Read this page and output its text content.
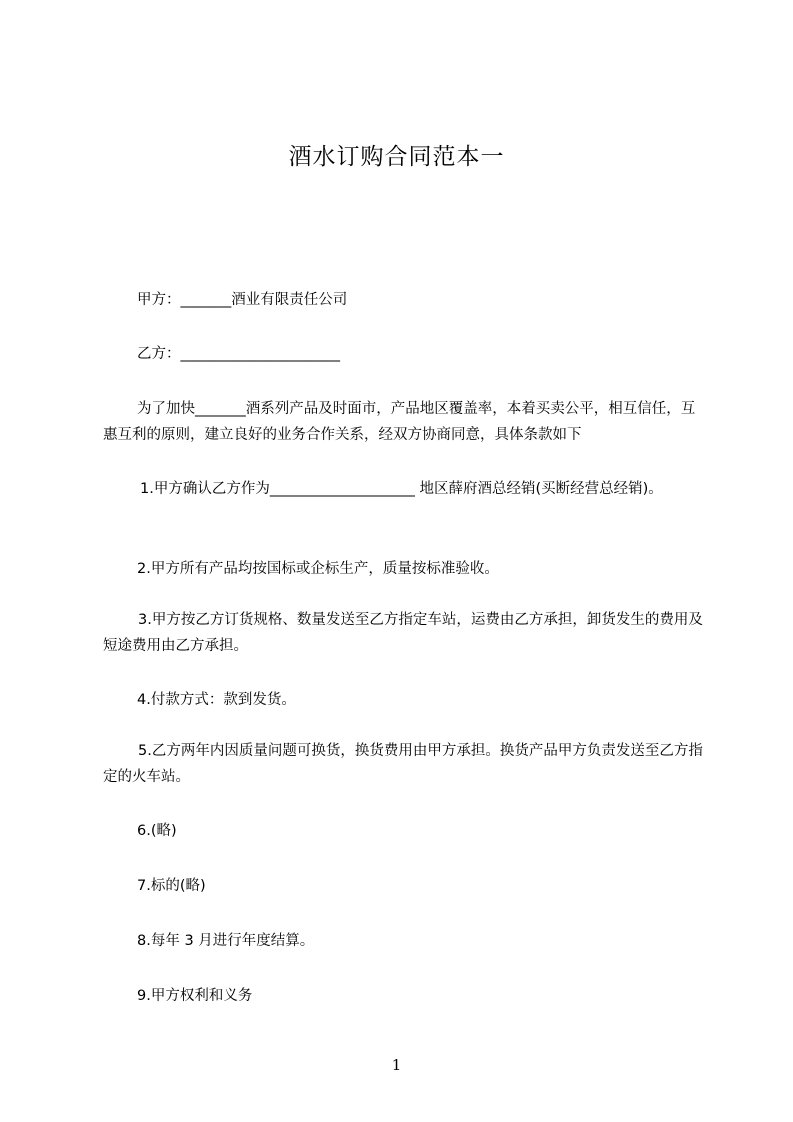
酒水订购合同范本一
甲方：_______酒业有限责任公司
乙方：______________________
为了加快_______酒系列产品及时面市，产品地区覆盖率，本着买卖公平，相互信任，互惠互利的原则，建立良好的业务合作关系，经双方协商同意，具体条款如下
1.甲方确认乙方作为____________________ 地区薛府酒总经销(买断经营总经销)。
2.甲方所有产品均按国标或企标生产，质量按标准验收。
3.甲方按乙方订货规格、数量发送至乙方指定车站，运费由乙方承担，卸货发生的费用及短途费用由乙方承担。
4.付款方式：款到发货。
5.乙方两年内因质量问题可换货，换货费用由甲方承担。换货产品甲方负责发送至乙方指定的火车站。
6.(略)
7.标的(略)
8.每年 3 月进行年度结算。
9.甲方权利和义务
1
